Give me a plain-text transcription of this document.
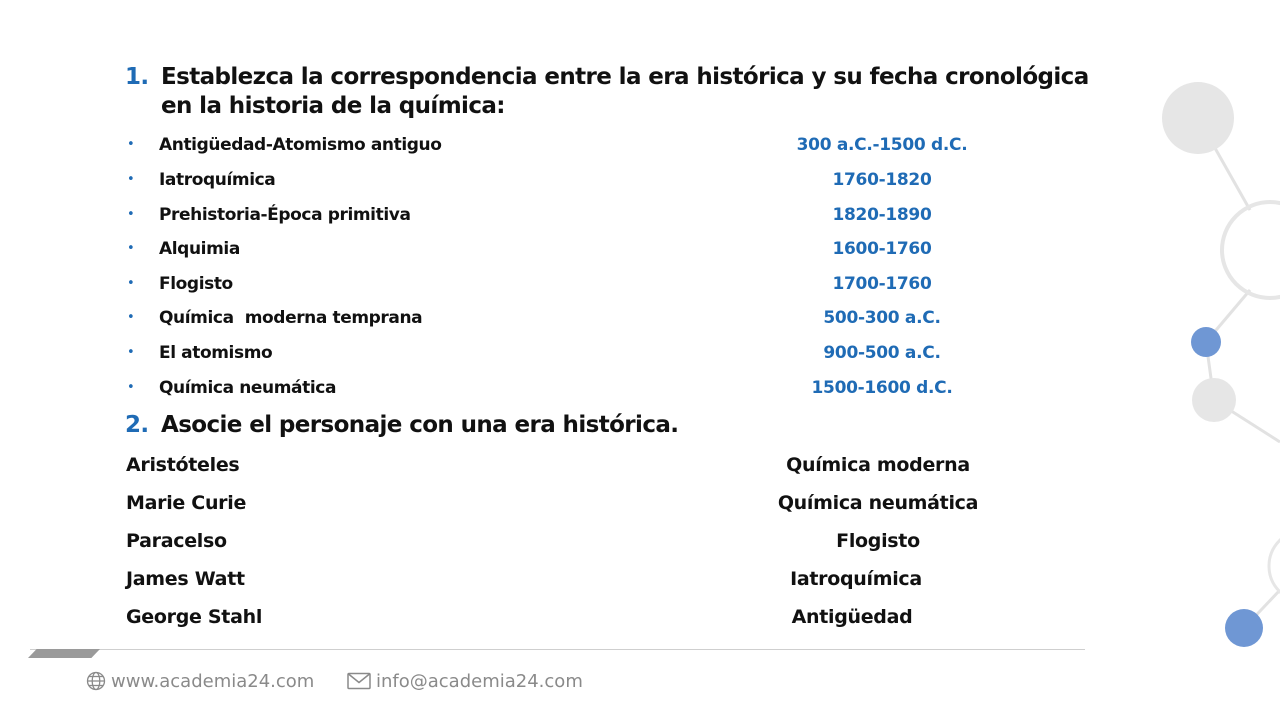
1. Establezca la correspondencia entre la era histórica y su fecha cronológica en la historia de la química:
• Antigüedad-Atomismo antiguo	300 a.C.-1500 d.C.
• Iatroquímica	1760-1820
• Prehistoria-Época primitiva	1820-1890
• Alquimia	1600-1760
• Flogisto	1700-1760
• Química  moderna temprana	500-300 a.C.
• El atomismo	900-500 a.C.
• Química neumática	1500-1600 d.C.
2. Asocie el personaje con una era histórica.
Aristóteles	Química moderna
Marie Curie	Química neumática
Paracelso	Flogisto
James Watt	Iatroquímica
George Stahl	Antigüedad
www.academia24.com	info@academia24.com
